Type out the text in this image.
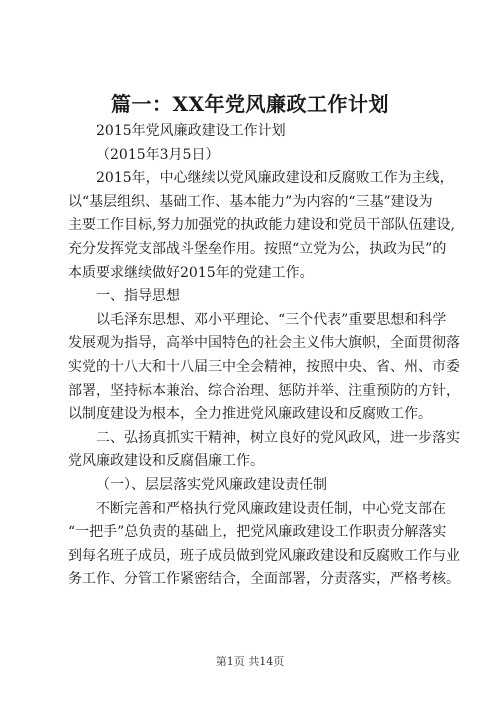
篇一：XX年党风廉政工作计划

2015年党风廉政建设工作计划

（2015年3月5日）

2015年，中心继续以党风廉政建设和反腐败工作为主线，
以“基层组织、基础工作、基本能力”为内容的“三基”建设为
主要工作目标,努力加强党的执政能力建设和党员干部队伍建设,
充分发挥党支部战斗堡垒作用。按照“立党为公，执政为民”的
本质要求继续做好2015年的党建工作。

一、指导思想

以毛泽东思想、邓小平理论、“三个代表”重要思想和科学
发展观为指导，高举中国特色的社会主义伟大旗帜，全面贯彻落
实党的十八大和十八届三中全会精神，按照中央、省、州、市委
部署，坚持标本兼治、综合治理、惩防并举、注重预防的方针，
以制度建设为根本，全力推进党风廉政建设和反腐败工作。
二、弘扬真抓实干精神，树立良好的党风政风，进一步落实
党风廉政建设和反腐倡廉工作。

（一）、层层落实党风廉政建设责任制

不断完善和严格执行党风廉政建设责任制，中心党支部在
“一把手”总负责的基础上，把党风廉政建设工作职责分解落实
到每名班子成员，班子成员做到党风廉政建设和反腐败工作与业
务工作、分管工作紧密结合，全面部署，分责落实，严格考核。
第1页 共14页
